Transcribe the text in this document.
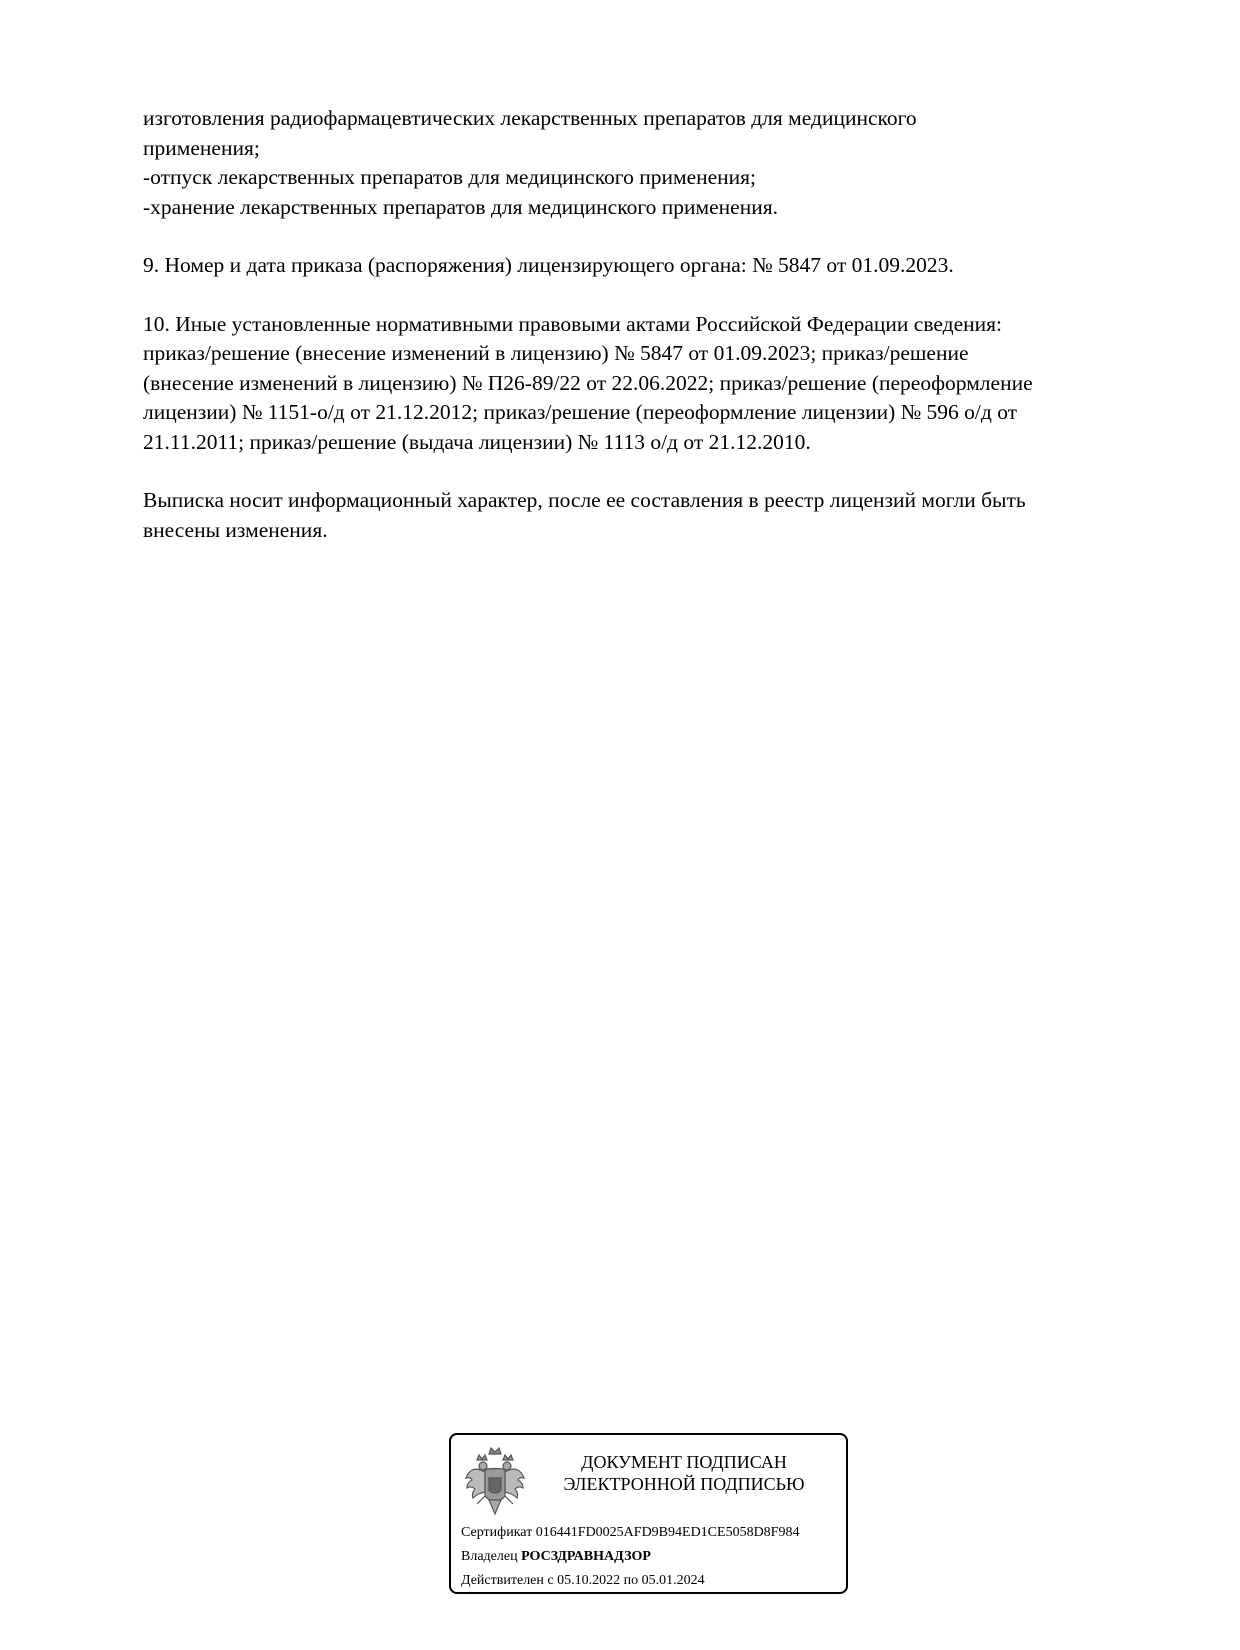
изготовления радиофармацевтических лекарственных препаратов для медицинского
применения;
-отпуск лекарственных препаратов для медицинского применения;
-хранение лекарственных препаратов для медицинского применения.

9. Номер и дата приказа (распоряжения) лицензирующего органа: № 5847 от 01.09.2023.

10. Иные установленные нормативными правовыми актами Российской Федерации сведения:
приказ/решение (внесение изменений в лицензию) № 5847 от 01.09.2023; приказ/решение
(внесение изменений в лицензию) № П26-89/22 от 22.06.2022; приказ/решение (переоформление
лицензии) № 1151-о/д от 21.12.2012; приказ/решение (переоформление лицензии) № 596 о/д от
21.11.2011; приказ/решение (выдача лицензии) № 1113 о/д от 21.12.2010.

Выписка носит информационный характер, после ее составления в реестр лицензий могли быть
внесены изменения.

ДОКУМЕНТ ПОДПИСАН
ЭЛЕКТРОННОЙ ПОДПИСЬЮ
Сертификат 016441FD0025AFD9B94ED1CE5058D8F984
Владелец РОСЗДРАВНАДЗОР
Действителен с 05.10.2022 по 05.01.2024
